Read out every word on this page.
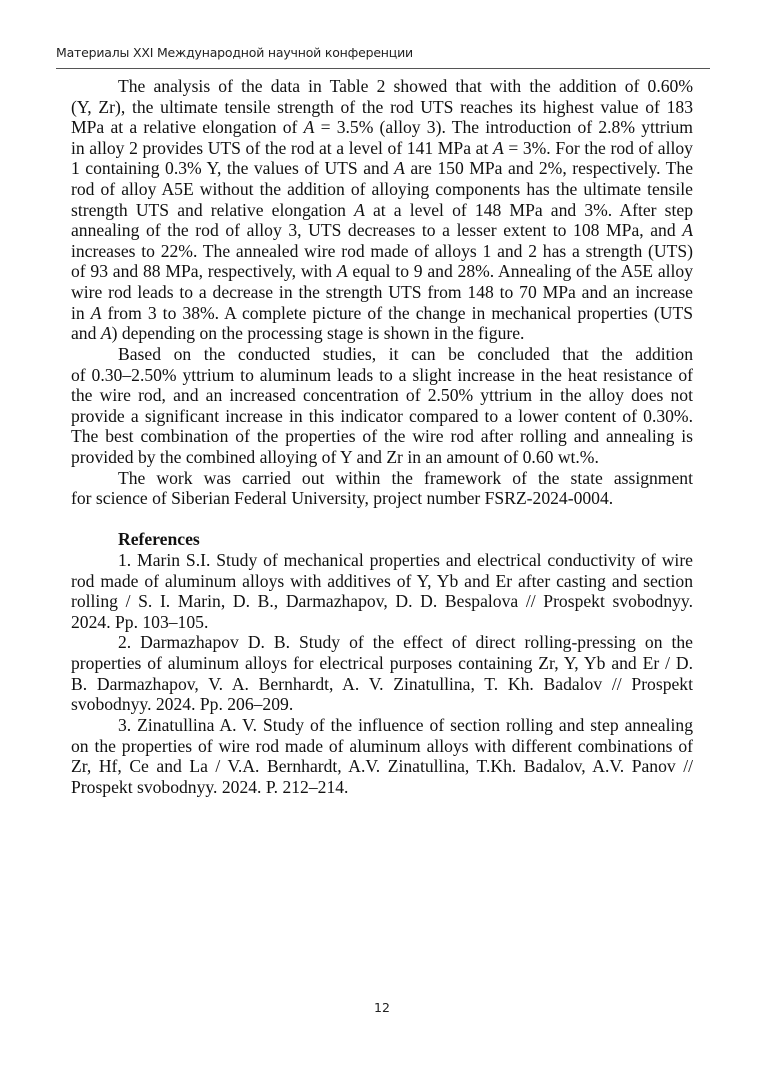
Материалы XXI Международной научной конференции
The analysis of the data in Table 2 showed that with the addition of 0.60%
(Y, Zr), the ultimate tensile strength of the rod UTS reaches its highest value of 183
MPa at a relative elongation of A = 3.5% (alloy 3). The introduction of 2.8% yttrium
in alloy 2 provides UTS of the rod at a level of 141 MPa at A = 3%. For the rod of alloy
1 containing 0.3% Y, the values of UTS and A are 150 MPa and 2%, respectively. The
rod of alloy A5E without the addition of alloying components has the ultimate tensile
strength UTS and relative elongation A at a level of 148 MPa and 3%. After step
annealing of the rod of alloy 3, UTS decreases to a lesser extent to 108 MPa, and A
increases to 22%. The annealed wire rod made of alloys 1 and 2 has a strength (UTS)
of 93 and 88 MPa, respectively, with A equal to 9 and 28%. Annealing of the A5E alloy
wire rod leads to a decrease in the strength UTS from 148 to 70 MPa and an increase
in A from 3 to 38%. A complete picture of the change in mechanical properties (UTS
and A) depending on the processing stage is shown in the figure.
Based on the conducted studies, it can be concluded that the addition
of 0.30–2.50% yttrium to aluminum leads to a slight increase in the heat resistance of
the wire rod, and an increased concentration of 2.50% yttrium in the alloy does not
provide a significant increase in this indicator compared to a lower content of 0.30%.
The best combination of the properties of the wire rod after rolling and annealing is
provided by the combined alloying of Y and Zr in an amount of 0.60 wt.%.
The work was carried out within the framework of the state assignment
for science of Siberian Federal University, project number FSRZ-2024-0004.
References
1. Marin S.I. Study of mechanical properties and electrical conductivity of wire
rod made of aluminum alloys with additives of Y, Yb and Er after casting and section
rolling / S. I. Marin, D. B., Darmazhapov, D. D. Bespalova // Prospekt svobodnyy.
2024. Pp. 103–105.
2. Darmazhapov D. B. Study of the effect of direct rolling-pressing on the
properties of aluminum alloys for electrical purposes containing Zr, Y, Yb and Er / D.
B. Darmazhapov, V. A. Bernhardt, A. V. Zinatullina, T. Kh. Badalov // Prospekt
svobodnyy. 2024. Pp. 206–209.
3. Zinatullina A. V. Study of the influence of section rolling and step annealing
on the properties of wire rod made of aluminum alloys with different combinations of
Zr, Hf, Ce and La / V.A. Bernhardt, A.V. Zinatullina, T.Kh. Badalov, A.V. Panov //
Prospekt svobodnyy. 2024. P. 212–214.
12
